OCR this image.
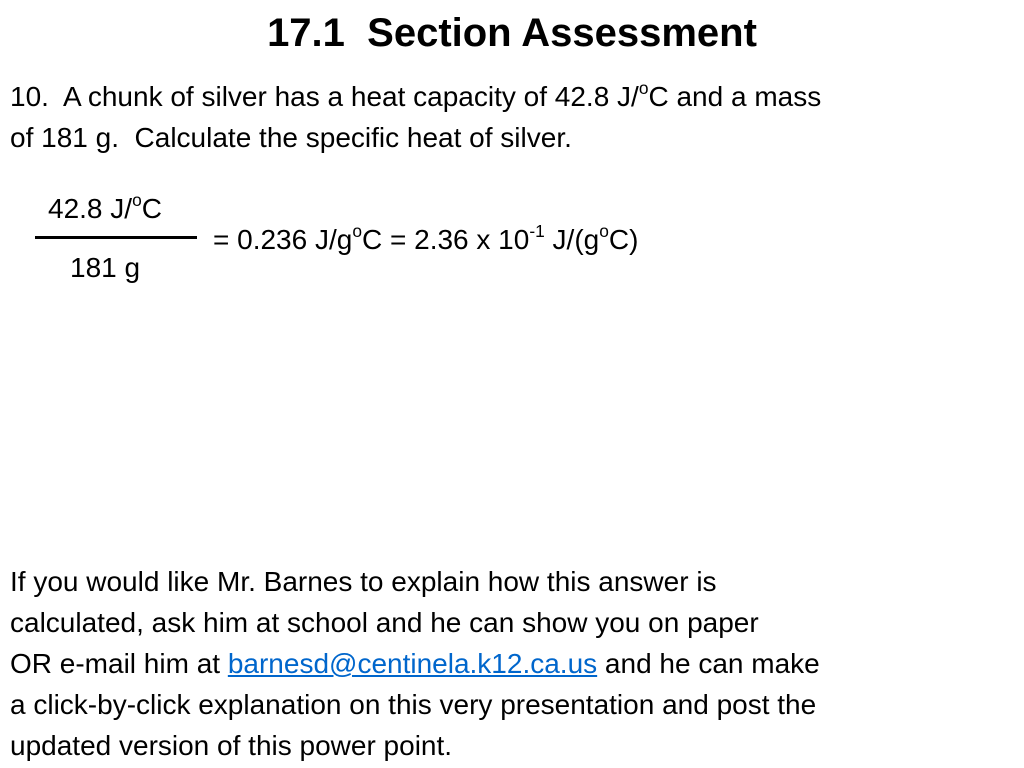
17.1  Section Assessment
10.  A chunk of silver has a heat capacity of 42.8 J/$^o$C and a mass
of 181 g.  Calculate the specific heat of silver.
42.8 J/$^o$C
181 g
= 0.236 $J/g^oC = 2.36$ x $10^{-1}$ $J/(g^oC)$
If you would like Mr. Barnes to explain how this answer is
calculated, ask him at school and he can show you on paper
OR e-mail him at barnesd@centinela.k12.ca.us and he can make
a click-by-click explanation on this very presentation and post the
updated version of this power point.
